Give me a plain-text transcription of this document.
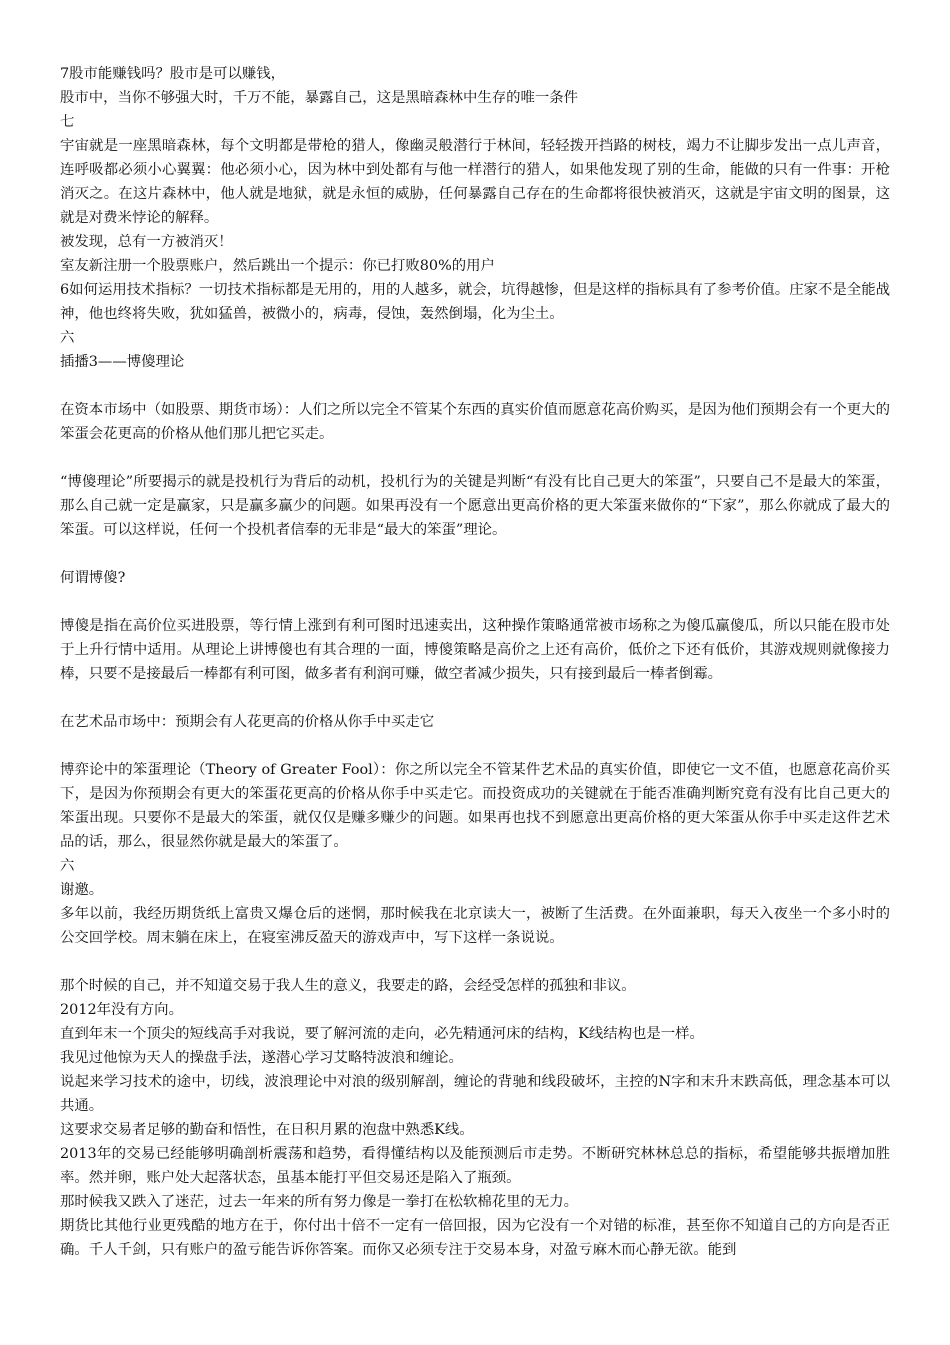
7股市能赚钱吗？股市是可以赚钱，

股市中，当你不够强大时，千万不能，暴露自己，这是黑暗森林中生存的唯一条件

七

宇宙就是一座黑暗森林，每个文明都是带枪的猎人，像幽灵般潜行于林间，轻轻拨开挡路的树枝，竭力不让脚步发出一点儿声音，连呼吸都必须小心翼翼：他必须小心，因为林中到处都有与他一样潜行的猎人，如果他发现了别的生命，能做的只有一件事：开枪消灭之。在这片森林中，他人就是地狱，就是永恒的威胁，任何暴露自己存在的生命都将很快被消灭，这就是宇宙文明的图景，这就是对费米悖论的解释。

被发现，总有一方被消灭！

室友新注册一个股票账户，然后跳出一个提示：你已打败80%的用户

6如何运用技术指标？一切技术指标都是无用的，用的人越多，就会，坑得越惨，但是这样的指标具有了参考价值。庄家不是全能战神，他也终将失败，犹如猛兽，被微小的，病毒，侵蚀，轰然倒塌，化为尘土。

六

插播3——博傻理论

在资本市场中（如股票、期货市场）：人们之所以完全不管某个东西的真实价值而愿意花高价购买，是因为他们预期会有一个更大的笨蛋会花更高的价格从他们那儿把它买走。

“博傻理论”所要揭示的就是投机行为背后的动机，投机行为的关键是判断“有没有比自己更大的笨蛋”，只要自己不是最大的笨蛋，那么自己就一定是赢家，只是赢多赢少的问题。如果再没有一个愿意出更高价格的更大笨蛋来做你的“下家”，那么你就成了最大的笨蛋。可以这样说，任何一个投机者信奉的无非是“最大的笨蛋”理论。

何谓博傻?

博傻是指在高价位买进股票，等行情上涨到有利可图时迅速卖出，这种操作策略通常被市场称之为傻瓜赢傻瓜，所以只能在股市处于上升行情中适用。从理论上讲博傻也有其合理的一面，博傻策略是高价之上还有高价，低价之下还有低价，其游戏规则就像接力棒，只要不是接最后一棒都有利可图，做多者有利润可赚，做空者减少损失，只有接到最后一棒者倒霉。

在艺术品市场中：预期会有人花更高的价格从你手中买走它

博弈论中的笨蛋理论（Theory of Greater Fool）：你之所以完全不管某件艺术品的真实价值，即使它一文不值，也愿意花高价买下，是因为你预期会有更大的笨蛋花更高的价格从你手中买走它。而投资成功的关键就在于能否准确判断究竟有没有比自己更大的笨蛋出现。只要你不是最大的笨蛋，就仅仅是赚多赚少的问题。如果再也找不到愿意出更高价格的更大笨蛋从你手中买走这件艺术品的话，那么，很显然你就是最大的笨蛋了。

六

谢邀。

多年以前，我经历期货纸上富贵又爆仓后的迷惘，那时候我在北京读大一，被断了生活费。在外面兼职，每天入夜坐一个多小时的公交回学校。周末躺在床上，在寝室沸反盈天的游戏声中，写下这样一条说说。

那个时候的自己，并不知道交易于我人生的意义，我要走的路，会经受怎样的孤独和非议。

2012年没有方向。

直到年末一个顶尖的短线高手对我说，要了解河流的走向，必先精通河床的结构，K线结构也是一样。

我见过他惊为天人的操盘手法，遂潜心学习艾略特波浪和缠论。

说起来学习技术的途中，切线，波浪理论中对浪的级别解剖，缠论的背驰和线段破坏，主控的N字和末升末跌高低，理念基本可以共通。

这要求交易者足够的勤奋和悟性，在日积月累的泡盘中熟悉K线。

2013年的交易已经能够明确剖析震荡和趋势，看得懂结构以及能预测后市走势。不断研究林林总总的指标，希望能够共振增加胜率。然并卵，账户处大起落状态，虽基本能打平但交易还是陷入了瓶颈。

那时候我又跌入了迷茫，过去一年来的所有努力像是一拳打在松软棉花里的无力。

期货比其他行业更残酷的地方在于，你付出十倍不一定有一倍回报，因为它没有一个对错的标准，甚至你不知道自己的方向是否正确。千人千剑，只有账户的盈亏能告诉你答案。而你又必须专注于交易本身，对盈亏麻木而心静无欲。能到
